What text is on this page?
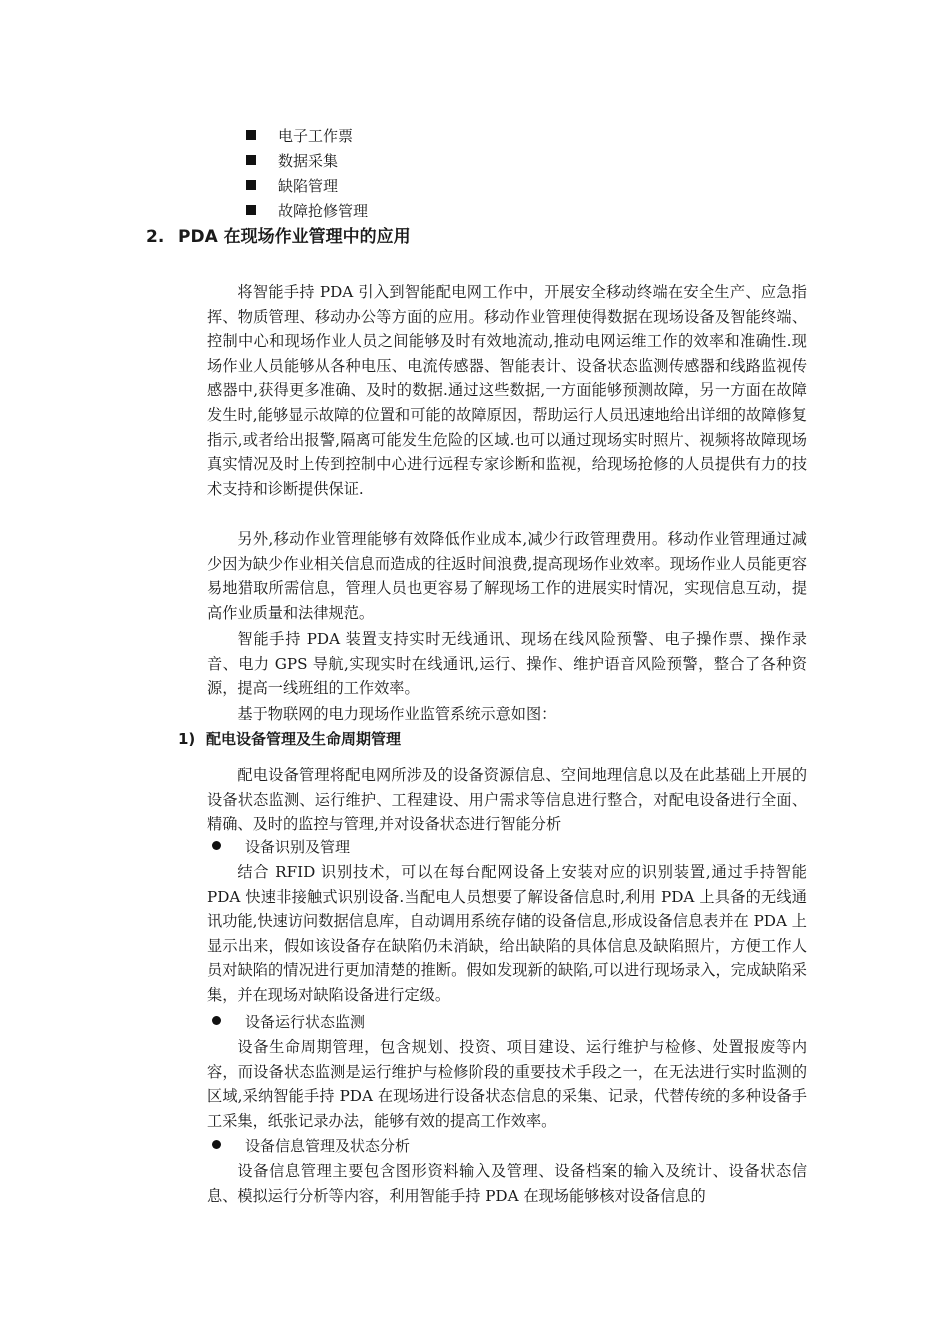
电子工作票
数据采集
缺陷管理
故障抢修管理
2. PDA 在现场作业管理中的应用

将智能手持 PDA 引入到智能配电网工作中，开展安全移动终端在安全生产、应急指挥、物质管理、移动办公等方面的应用。移动作业管理使得数据在现场设备及智能终端、控制中心和现场作业人员之间能够及时有效地流动,推动电网运维工作的效率和准确性.现场作业人员能够从各种电压、电流传感器、智能表计、设备状态监测传感器和线路监视传感器中,获得更多准确、及时的数据.通过这些数据,一方面能够预测故障，另一方面在故障发生时,能够显示故障的位置和可能的故障原因，帮助运行人员迅速地给出详细的故障修复指示,或者给出报警,隔离可能发生危险的区域.也可以通过现场实时照片、视频将故障现场真实情况及时上传到控制中心进行远程专家诊断和监视，给现场抢修的人员提供有力的技术支持和诊断提供保证.

另外,移动作业管理能够有效降低作业成本,减少行政管理费用。移动作业管理通过减少因为缺少作业相关信息而造成的往返时间浪费,提高现场作业效率。现场作业人员能更容易地猎取所需信息，管理人员也更容易了解现场工作的进展实时情况，实现信息互动，提高作业质量和法律规范。

智能手持 PDA 装置支持实时无线通讯、现场在线风险预警、电子操作票、操作录音、电力 GPS 导航,实现实时在线通讯,运行、操作、维护语音风险预警，整合了各种资源，提高一线班组的工作效率。

基于物联网的电力现场作业监管系统示意如图：

1) 配电设备管理及生命周期管理

配电设备管理将配电网所涉及的设备资源信息、空间地理信息以及在此基础上开展的设备状态监测、运行维护、工程建设、用户需求等信息进行整合，对配电设备进行全面、精确、及时的监控与管理,并对设备状态进行智能分析

设备识别及管理

结合 RFID 识别技术，可以在每台配网设备上安装对应的识别装置,通过手持智能 PDA 快速非接触式识别设备.当配电人员想要了解设备信息时,利用 PDA 上具备的无线通讯功能,快速访问数据信息库，自动调用系统存储的设备信息,形成设备信息表并在 PDA 上显示出来，假如该设备存在缺陷仍未消缺，给出缺陷的具体信息及缺陷照片，方便工作人员对缺陷的情况进行更加清楚的推断。假如发现新的缺陷,可以进行现场录入，完成缺陷采集，并在现场对缺陷设备进行定级。

设备运行状态监测

设备生命周期管理，包含规划、投资、项目建设、运行维护与检修、处置报废等内容，而设备状态监测是运行维护与检修阶段的重要技术手段之一，在无法进行实时监测的区域,采纳智能手持 PDA 在现场进行设备状态信息的采集、记录，代替传统的多种设备手工采集，纸张记录办法，能够有效的提高工作效率。

设备信息管理及状态分析

设备信息管理主要包含图形资料输入及管理、设备档案的输入及统计、设备状态信息、模拟运行分析等内容，利用智能手持 PDA 在现场能够核对设备信息的
